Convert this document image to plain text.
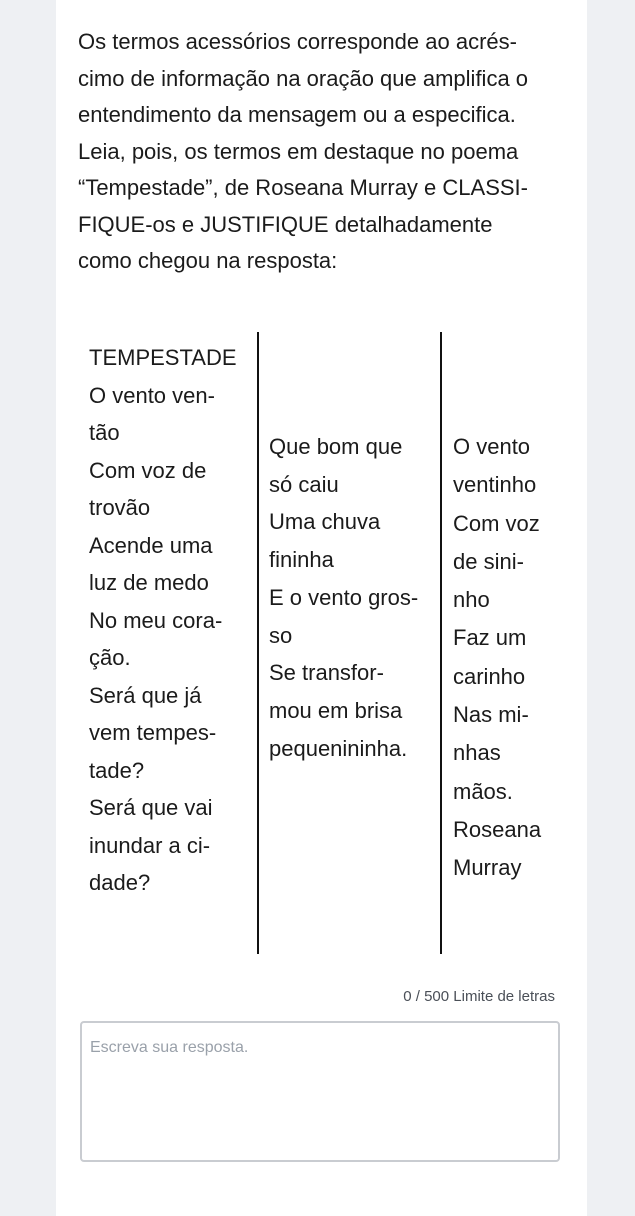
Os termos acessórios corresponde ao acrés-
cimo de informação na oração que amplifica o
entendimento da mensagem ou a especifica.
Leia, pois, os termos em destaque no poema
“Tempestade”, de Roseana Murray e CLASSI-
FIQUE-os e JUSTIFIQUE detalhadamente
como chegou na resposta:

TEMPESTADE
O vento ven-
tão
Com voz de
trovão
Acende uma
luz de medo
No meu cora-
ção.
Será que já
vem tempes-
tade?
Será que vai
inundar a ci-
dade?

Que bom que
só caiu
Uma chuva
fininha
E o vento gros-
so
Se transfor-
mou em brisa
pequenininha.

O vento
ventinho
Com voz
de sini-
nho
Faz um
carinho
Nas mi-
nhas
mãos.
Roseana
Murray

0 / 500 Limite de letras
Escreva sua resposta.
